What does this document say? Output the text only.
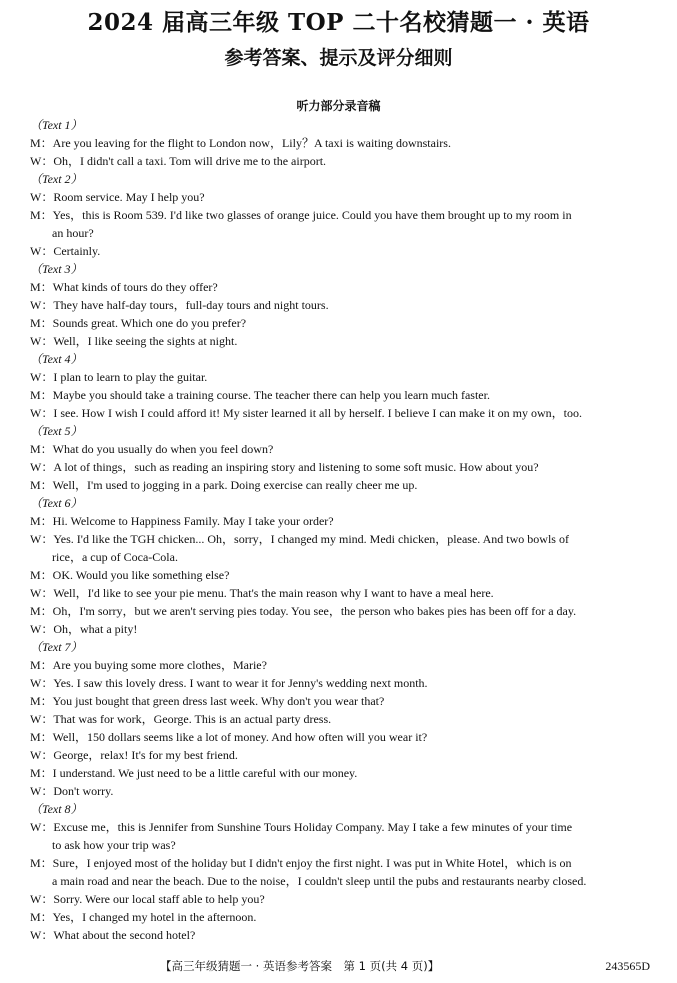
2024 届高三年级 TOP 二十名校猜题一 · 英语
参考答案、提示及评分细则
听力部分录音稿
（Text 1）
M：Are you leaving for the flight to London now，Lily？A taxi is waiting downstairs.
W：Oh，I didn't call a taxi. Tom will drive me to the airport.
（Text 2）
W：Room service. May I help you?
M：Yes，this is Room 539. I'd like two glasses of orange juice. Could you have them brought up to my room in
an hour?
W：Certainly.
（Text 3）
M：What kinds of tours do they offer?
W：They have half-day tours，full-day tours and night tours.
M：Sounds great. Which one do you prefer?
W：Well，I like seeing the sights at night.
（Text 4）
W：I plan to learn to play the guitar.
M：Maybe you should take a training course. The teacher there can help you learn much faster.
W：I see. How I wish I could afford it! My sister learned it all by herself. I believe I can make it on my own，too.
（Text 5）
M：What do you usually do when you feel down?
W：A lot of things，such as reading an inspiring story and listening to some soft music. How about you?
M：Well，I'm used to jogging in a park. Doing exercise can really cheer me up.
（Text 6）
M：Hi. Welcome to Happiness Family. May I take your order?
W：Yes. I'd like the TGH chicken... Oh，sorry，I changed my mind. Medi chicken，please. And two bowls of
rice，a cup of Coca-Cola.
M：OK. Would you like something else?
W：Well，I'd like to see your pie menu. That's the main reason why I want to have a meal here.
M：Oh，I'm sorry，but we aren't serving pies today. You see，the person who bakes pies has been off for a day.
W：Oh，what a pity!
（Text 7）
M：Are you buying some more clothes，Marie?
W：Yes. I saw this lovely dress. I want to wear it for Jenny's wedding next month.
M：You just bought that green dress last week. Why don't you wear that?
W：That was for work，George. This is an actual party dress.
M：Well，150 dollars seems like a lot of money. And how often will you wear it?
W：George，relax! It's for my best friend.
M：I understand. We just need to be a little careful with our money.
W：Don't worry.
（Text 8）
W：Excuse me，this is Jennifer from Sunshine Tours Holiday Company. May I take a few minutes of your time
to ask how your trip was?
M：Sure，I enjoyed most of the holiday but I didn't enjoy the first night. I was put in White Hotel，which is on
a main road and near the beach. Due to the noise，I couldn't sleep until the pubs and restaurants nearby closed.
W：Sorry. Were our local staff able to help you?
M：Yes，I changed my hotel in the afternoon.
W：What about the second hotel?
【高三年级猜题一 · 英语参考答案　第 1 页(共 4 页)】	243565D
